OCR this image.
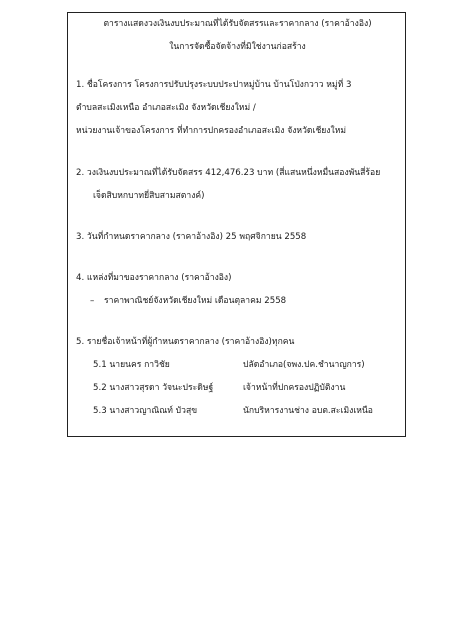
ตารางแสดงวงเงินงบประมาณที่ได้รับจัดสรรและราคากลาง (ราคาอ้างอิง)
ในการจัดซื้อจัดจ้างที่มิใช่งานก่อสร้าง
1. ชื่อโครงการ โครงการปรับปรุงระบบประปาหมู่บ้าน บ้านโป่งกวาว หมู่ที่ 3
ตำบลสะเมิงเหนือ อำเภอสะเมิง จังหวัดเชียงใหม่ /
หน่วยงานเจ้าของโครงการ ที่ทำการปกครองอำเภอสะเมิง จังหวัดเชียงใหม่
2. วงเงินงบประมาณที่ได้รับจัดสรร 412,476.23 บาท (สี่แสนหนึ่งหมื่นสองพันสี่ร้อย
เจ็ดสิบหกบาทยี่สิบสามสตางค์)
3. วันที่กำหนดราคากลาง (ราคาอ้างอิง) 25 พฤศจิกายน 2558
4. แหล่งที่มาของราคากลาง (ราคาอ้างอิง)
– ราคาพาณิชย์จังหวัดเชียงใหม่ เดือนตุลาคม 2558
5. รายชื่อเจ้าหน้าที่ผู้กำหนดราคากลาง (ราคาอ้างอิง)ทุกคน
5.1 นายนคร กาวิชัย	ปลัดอำเภอ(จพง.ปค.ชำนาญการ)
5.2 นางสาวสุรดา วัจนะประดิษฐ์	เจ้าหน้าที่ปกครองปฏิบัติงาน
5.3 นางสาวญาณิณท์ บัวสุข	นักบริหารงานช่าง อบต.สะเมิงเหนือ
